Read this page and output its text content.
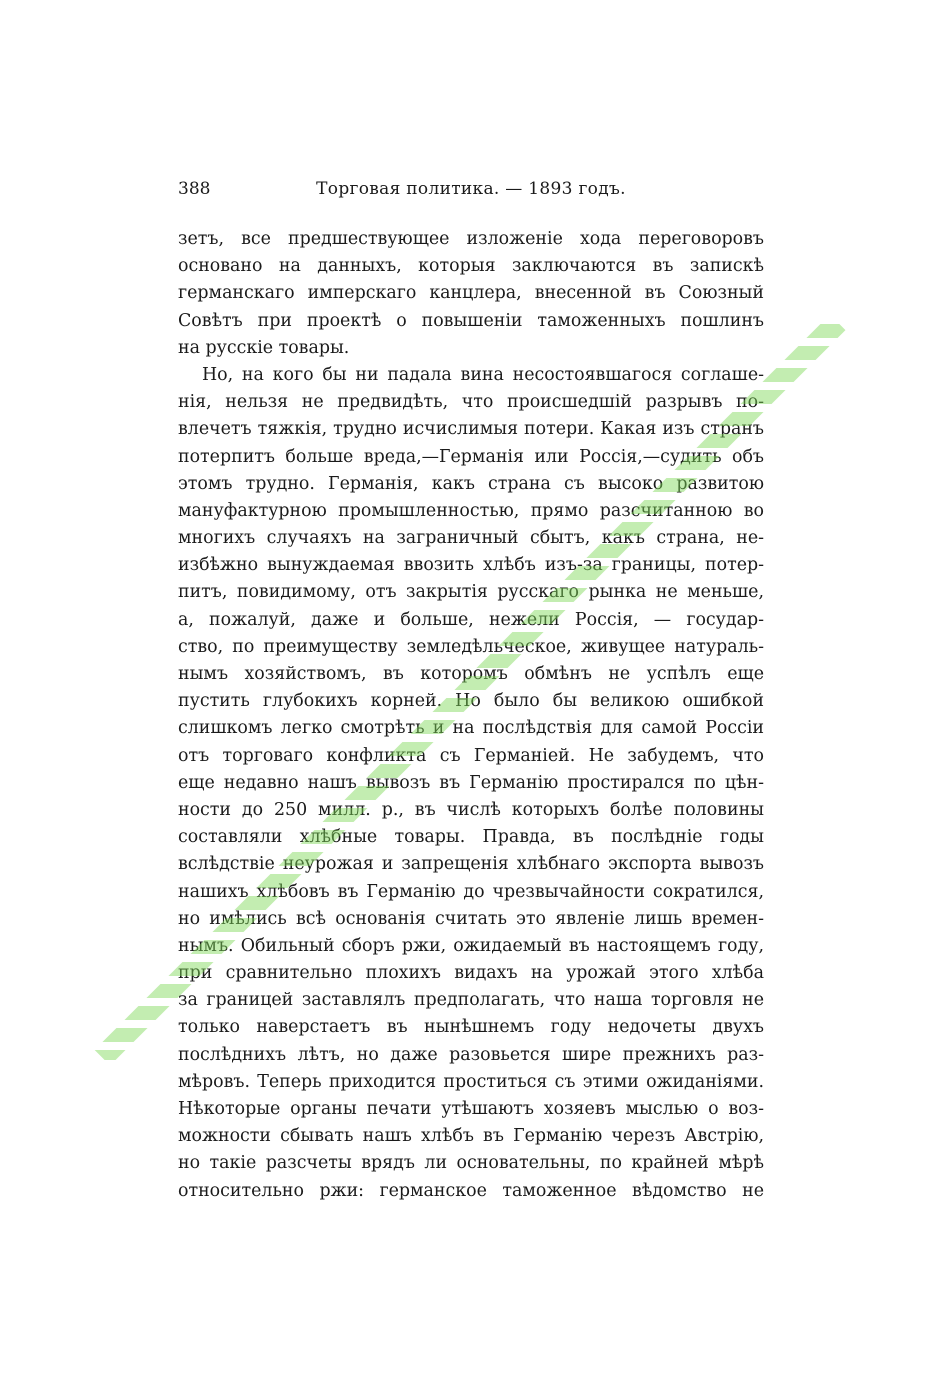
Торговая политика. — 1893 годъ.
388
зетъ, все предшествующее изложеніе хода переговоровъ
основано на данныхъ, которыя заключаются въ запискѣ
германскаго имперскаго канцлера, внесенной въ Союзный
Совѣтъ при проектѣ о повышеніи таможенныхъ пошлинъ
на русскіе товары.
Но, на кого бы ни падала вина несостоявшагося соглаше-
нія, нельзя не предвидѣть, что происшедшій разрывъ по-
влечетъ тяжкія, трудно исчислимыя потери. Какая изъ странъ
потерпитъ больше вреда,—Германія или Россія,—судить объ
этомъ трудно. Германія, какъ страна съ высоко развитою
мануфактурною промышленностью, прямо разсчитанною во
многихъ случаяхъ на заграничный сбытъ, какъ страна, не-
избѣжно вынуждаемая ввозить хлѣбъ изъ-за границы, потер-
питъ, повидимому, отъ закрытія русскаго рынка не меньше,
а, пожалуй, даже и больше, нежели Россія, — государ-
ство, по преимуществу земледѣльческое, живущее натураль-
нымъ хозяйствомъ, въ которомъ обмѣнъ не успѣлъ еще
пустить глубокихъ корней. Но было бы великою ошибкой
слишкомъ легко смотрѣть и на послѣдствія для самой Россіи
отъ торговаго конфликта съ Германіей. Не забудемъ, что
еще недавно нашъ вывозъ въ Германію простирался по цѣн-
ности до 250 милл. р., въ числѣ которыхъ болѣе половины
составляли хлѣбные товары. Правда, въ послѣдніе годы
вслѣдствіе неурожая и запрещенія хлѣбнаго экспорта вывозъ
нашихъ хлѣбовъ въ Германію до чрезвычайности сократился,
но имѣлись всѣ основанія считать это явленіе лишь времен-
нымъ. Обильный сборъ ржи, ожидаемый въ настоящемъ году,
при сравнительно плохихъ видахъ на урожай этого хлѣба
за границей заставлялъ предполагать, что наша торговля не
только наверстаетъ въ нынѣшнемъ году недочеты двухъ
послѣднихъ лѣтъ, но даже разовьется шире прежнихъ раз-
мѣровъ. Теперь приходится проститься съ этими ожиданіями.
Нѣкоторые органы печати утѣшаютъ хозяевъ мыслью о воз-
можности сбывать нашъ хлѣбъ въ Германію черезъ Австрію,
но такіе разсчеты врядъ ли основательны, по крайней мѣрѣ
относительно ржи: германское таможенное вѣдомство не
